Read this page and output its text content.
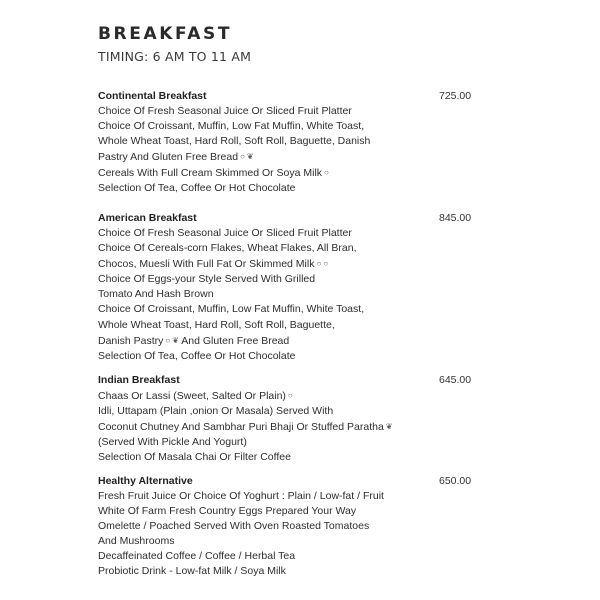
BREAKFAST
TIMING: 6 AM TO 11 AM
Continental Breakfast	725.00
Choice Of Fresh Seasonal Juice Or Sliced Fruit Platter
Choice Of Croissant, Muffin, Low Fat Muffin, White Toast,
Whole Wheat Toast, Hard Roll, Soft Roll, Baguette, Danish
Pastry And Gluten Free Bread ○ ❦
Cereals With Full Cream Skimmed Or Soya Milk ○
Selection Of Tea, Coffee Or Hot Chocolate
American Breakfast	845.00
Choice Of Fresh Seasonal Juice Or Sliced Fruit Platter
Choice Of Cereals-corn Flakes, Wheat Flakes, All Bran,
Chocos, Muesli With Full Fat Or Skimmed Milk ○ ○
Choice Of Eggs-your Style Served With Grilled
Tomato And Hash Brown
Choice Of Croissant, Muffin, Low Fat Muffin, White Toast,
Whole Wheat Toast, Hard Roll, Soft Roll, Baguette,
Danish Pastry ○ ❦ And Gluten Free Bread
Selection Of Tea, Coffee Or Hot Chocolate
Indian Breakfast	645.00
Chaas Or Lassi (Sweet, Salted Or Plain) ○
Idli, Uttapam (Plain ,onion Or Masala) Served With
Coconut Chutney And Sambhar Puri Bhaji Or Stuffed Paratha ❦
(Served With Pickle And Yogurt)
Selection Of Masala Chai Or Filter Coffee
Healthy Alternative	650.00
Fresh Fruit Juice Or Choice Of Yoghurt : Plain / Low-fat / Fruit
White Of Farm Fresh Country Eggs Prepared Your Way
Omelette / Poached Served With Oven Roasted Tomatoes
And Mushrooms
Decaffeinated Coffee / Coffee / Herbal Tea
Probiotic Drink - Low-fat Milk / Soya Milk
